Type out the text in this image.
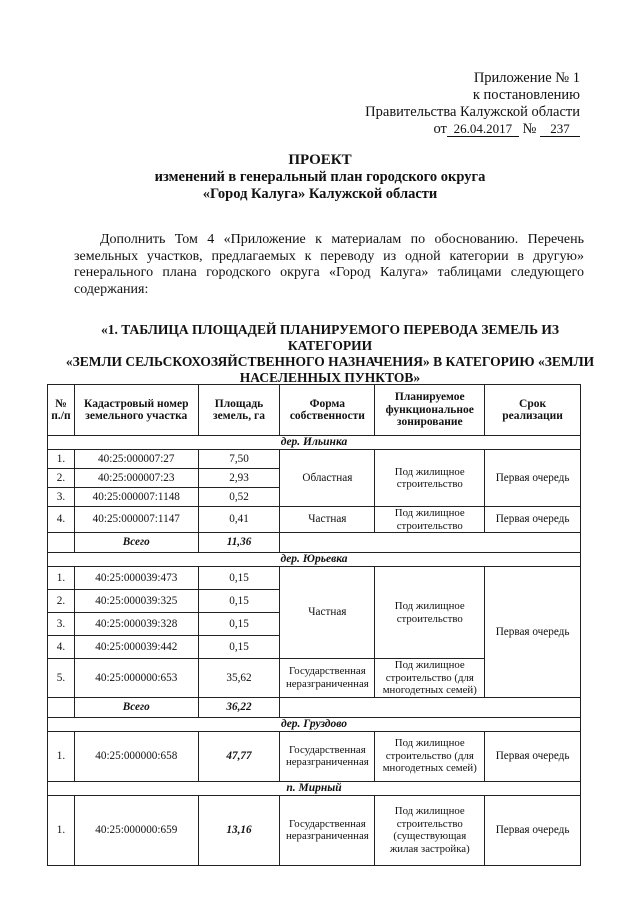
Приложение № 1
к постановлению
Правительства Калужской области
от 26.04.2017 № 237
ПРОЕКТ
изменений в генеральный план городского округа
«Город Калуга» Калужской области
Дополнить Том 4 «Приложение к материалам по обоснованию. Перечень земельных участков, предлагаемых к переводу из одной категории в другую» генерального плана городского округа «Город Калуга» таблицами следующего содержания:
«1. ТАБЛИЦА ПЛОЩАДЕЙ ПЛАНИРУЕМОГО ПЕРЕВОДА ЗЕМЕЛЬ ИЗ КАТЕГОРИИ
«ЗЕМЛИ СЕЛЬСКОХОЗЯЙСТВЕННОГО НАЗНАЧЕНИЯ» В КАТЕГОРИЮ «ЗЕМЛИ
НАСЕЛЕННЫХ ПУНКТОВ»
№ п./п	Кадастровый номер земельного участка	Площадь земель, га	Форма собственности	Планируемое функциональное зонирование	Срок реализации
дер. Ильинка					
1.	40:25:000007:27	7,50	Областная	Под жилищное строительство	Первая очередь
2.	40:25:000007:23	2,93			
3.	40:25:000007:1148	0,52			
4.	40:25:000007:1147	0,41	Частная	Под жилищное строительство	Первая очередь
	Всего	11,36			
дер. Юрьевка					
1.	40:25:000039:473	0,15	Частная	Под жилищное строительство	Первая очередь
2.	40:25:000039:325	0,15			
3.	40:25:000039:328	0,15			
4.	40:25:000039:442	0,15			
5.	40:25:000000:653	35,62	Государственная неразграниченная	Под жилищное строительство (для многодетных семей)	
	Всего	36,22			
дер. Груздово					
1.	40:25:000000:658	47,77	Государственная неразграниченная	Под жилищное строительство (для многодетных семей)	Первая очередь
п. Мирный					
1.	40:25:000000:659	13,16	Государственная неразграниченная	Под жилищное строительство (существующая жилая застройка)	Первая очередь
